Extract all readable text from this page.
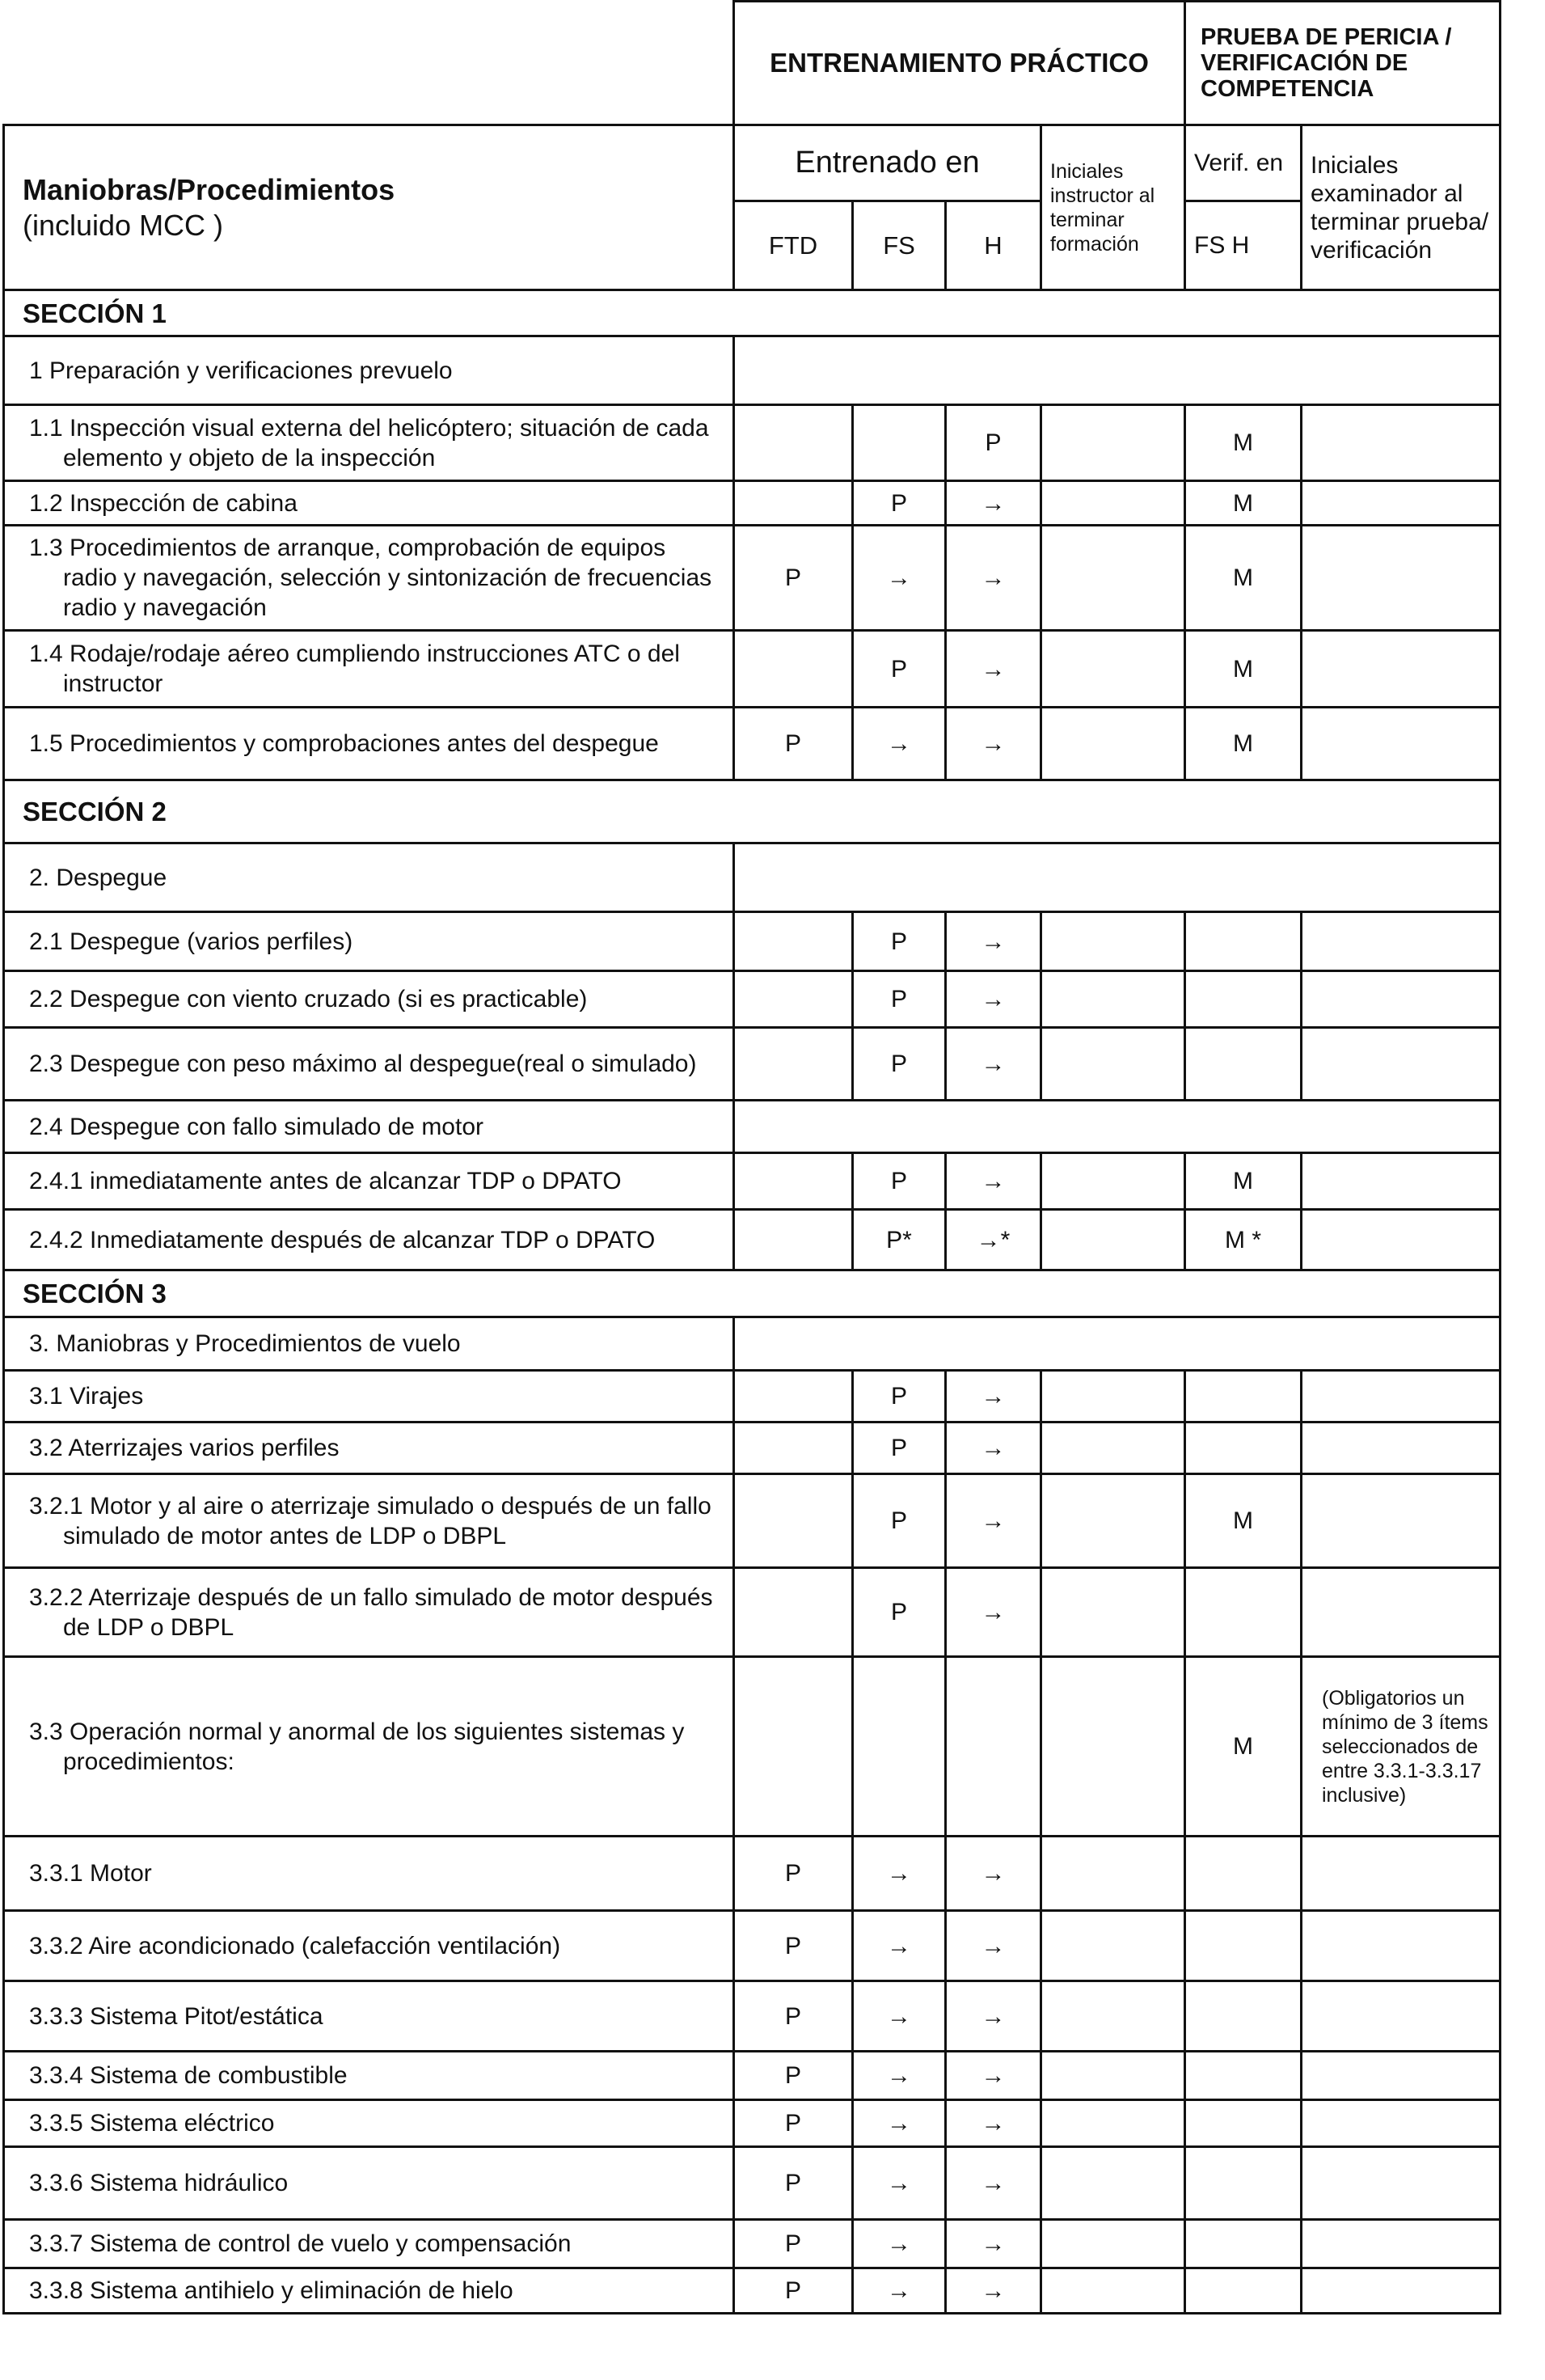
	ENTRENAMIENTO PRÁCTICO				PRUEBA DE PERICIA / VERIFICACIÓN DE COMPETENCIA	

Maniobras/Procedimientos
(incluido MCC )	Entrenado en			Iniciales instructor al terminar formación	Verif. en	Iniciales examinador al terminar prueba/ verificación
	FTD	FS	H		FS H	
SECCIÓN 1						
1 Preparación y verificaciones prevuelo						

1.1 Inspección visual externa del helicóptero; situación de cada elemento y objeto de la inspección			P		M	

1.2 Inspección de cabina		P	→		M	

1.3 Procedimientos de arranque, comprobación de equipos radio y navegación, selección y sintonización de frecuencias radio y navegación	P	→	→		M	

1.4 Rodaje/rodaje aéreo cumpliendo instrucciones ATC o del instructor		P	→		M	

1.5 Procedimientos y comprobaciones antes del despegue	P	→	→		M	
SECCIÓN 2						
2. Despegue						

2.1 Despegue (varios perfiles)		P	→			

2.2 Despegue con viento cruzado (si es practicable)		P	→			

2.3 Despegue con peso máximo al despegue(real o simulado)		P	→			
2.4 Despegue con fallo simulado de motor						

2.4.1 inmediatamente antes de alcanzar TDP o DPATO		P	→		M	

2.4.2 Inmediatamente después de alcanzar TDP o DPATO		P*	→*		M *	
SECCIÓN 3						
3. Maniobras y Procedimientos de vuelo						

3.1 Virajes		P	→			

3.2 Aterrizajes varios perfiles		P	→			

3.2.1 Motor y al aire o aterrizaje simulado o después de un fallo simulado de motor antes de LDP o DBPL		P	→		M	

3.2.2 Aterrizaje después de un fallo simulado de motor después de LDP o DBPL		P	→			

3.3 Operación normal y anormal de los siguientes sistemas y procedimientos:					M	(Obligatorios un mínimo de 3 ítems seleccionados de entre 3.3.1-3.3.17 inclusive)

3.3.1 Motor	P	→	→			

3.3.2 Aire acondicionado (calefacción ventilación)	P	→	→			

3.3.3 Sistema Pitot/estática	P	→	→			

3.3.4 Sistema de combustible	P	→	→			

3.3.5 Sistema eléctrico	P	→	→			

3.3.6 Sistema hidráulico	P	→	→			

3.3.7 Sistema de control de vuelo y compensación	P	→	→			

3.3.8 Sistema antihielo y eliminación de hielo	P	→	→			
